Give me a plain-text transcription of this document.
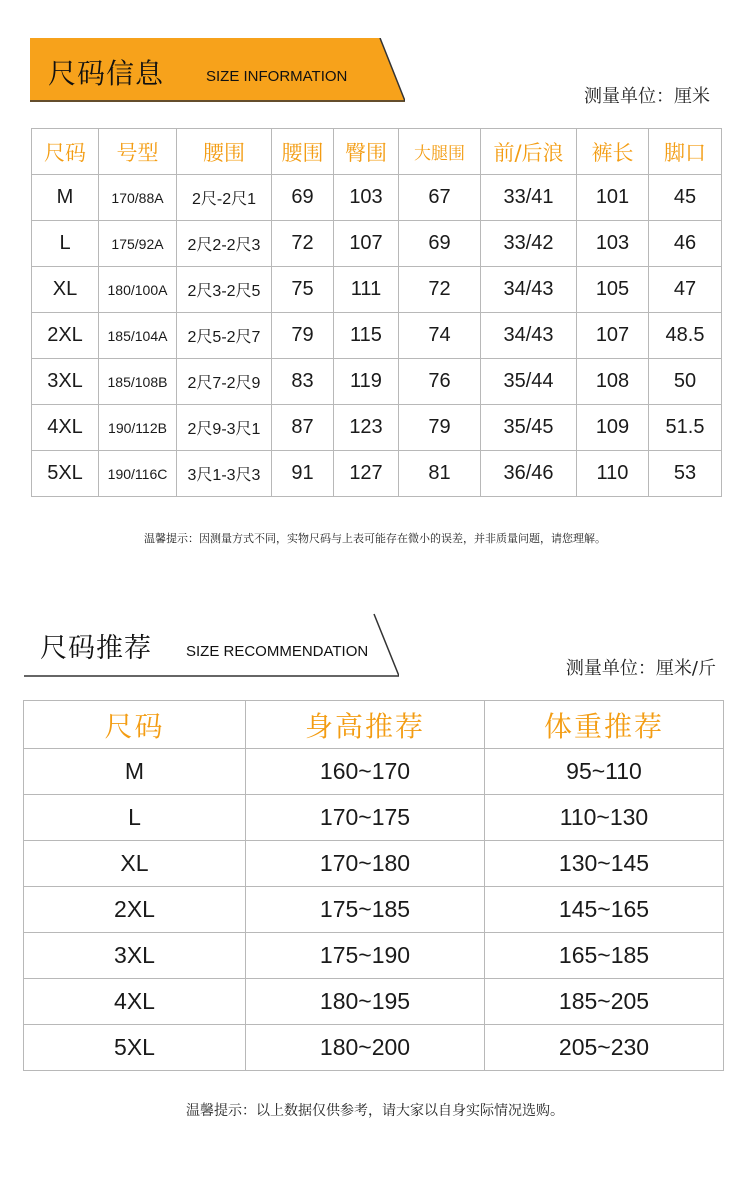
尺码信息	SIZE INFORMATION
测量单位：厘米
尺码	号型	腰围	腰围	臀围	大腿围	前/后浪	裤长	脚口
M	170/88A	2尺-2尺1	69	103	67	33/41	101	45
L	175/92A	2尺2-2尺3	72	107	69	33/42	103	46
XL	180/100A	2尺3-2尺5	75	111	72	34/43	105	47
2XL	185/104A	2尺5-2尺7	79	115	74	34/43	107	48.5
3XL	185/108B	2尺7-2尺9	83	119	76	35/44	108	50
4XL	190/112B	2尺9-3尺1	87	123	79	35/45	109	51.5
5XL	190/116C	3尺1-3尺3	91	127	81	36/46	110	53
温馨提示：因测量方式不同，实物尺码与上表可能存在微小的误差，并非质量问题，请您理解。
尺码推荐 SIZE RECOMMENDATION
测量单位：厘米/斤
尺码	身高推荐	体重推荐
M	160~170	95~110
L	170~175	110~130
XL	170~180	130~145
2XL	175~185	145~165
3XL	175~190	165~185
4XL	180~195	185~205
5XL	180~200	205~230
温馨提示：以上数据仅供参考，请大家以自身实际情况选购。
